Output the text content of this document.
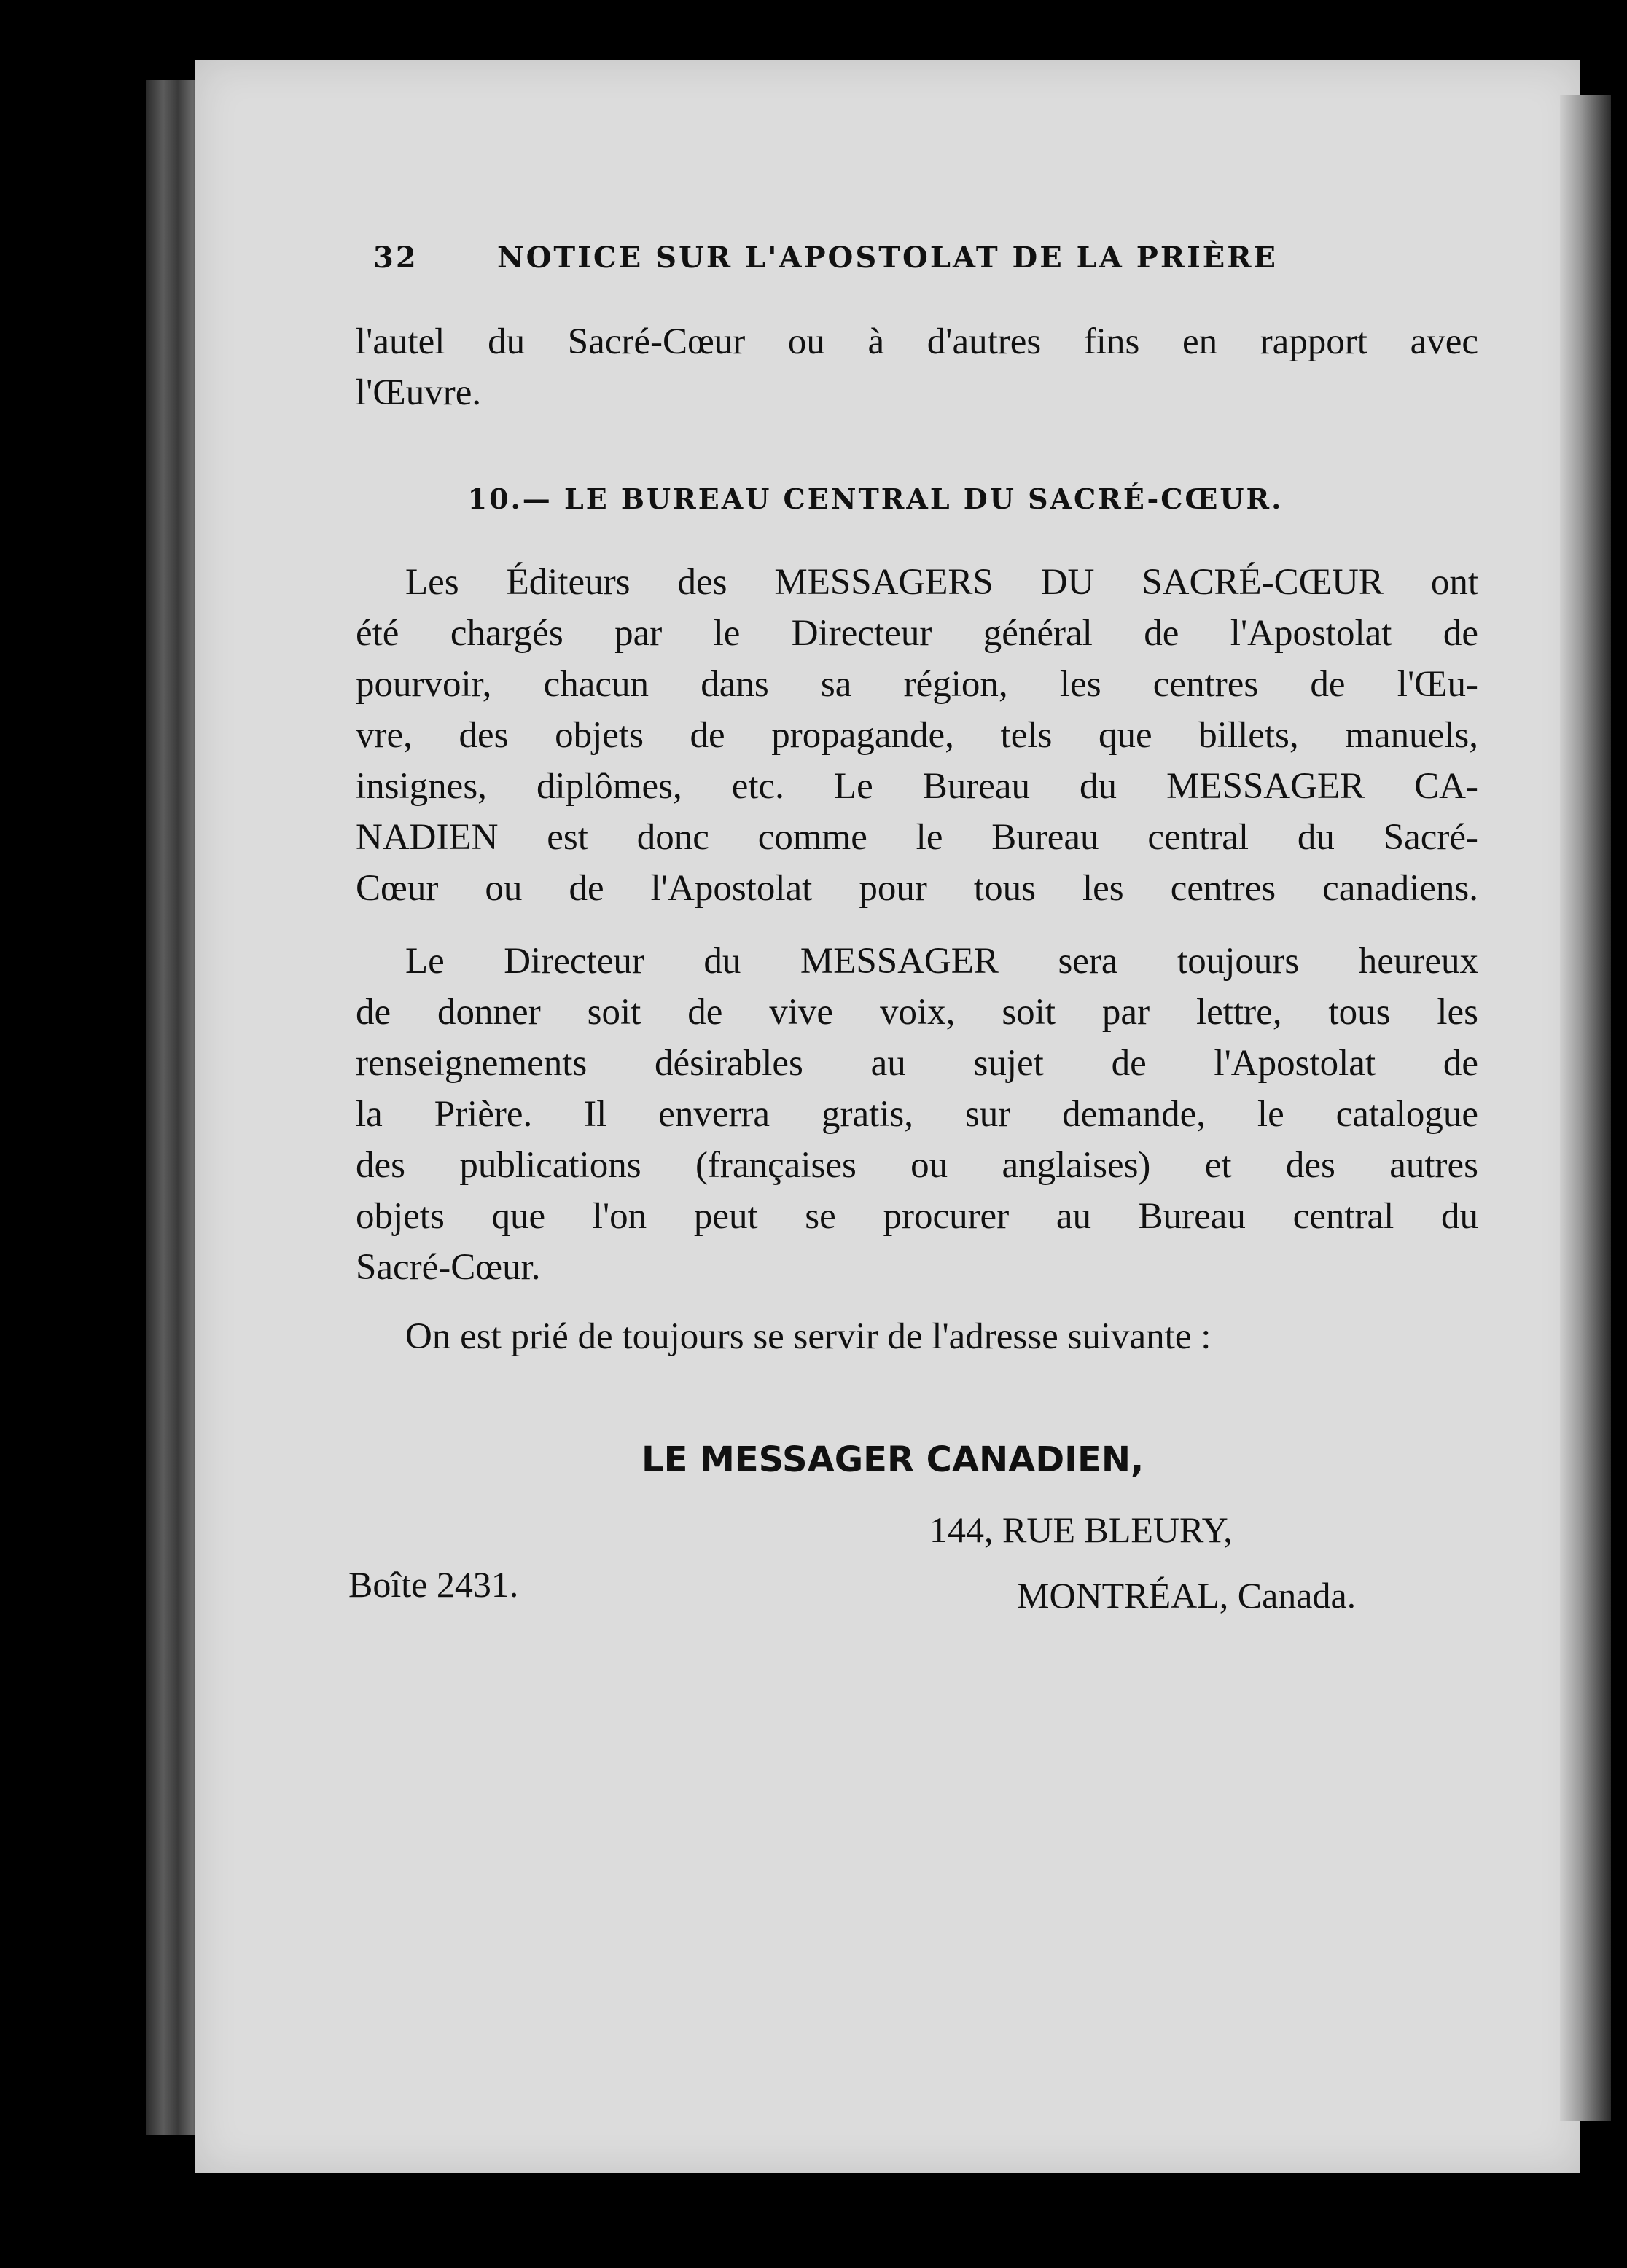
32	NOTICE SUR L'APOSTOLAT DE LA PRIÈRE
l'autel du Sacré-Cœur ou à d'autres fins en rapport avec
l'Œuvre.
10.— LE BUREAU CENTRAL DU SACRÉ-CŒUR.
Les Éditeurs des MESSAGERS DU SACRÉ-CŒUR ont
été chargés par le Directeur général de l'Apostolat de
pourvoir, chacun dans sa région, les centres de l'Œu-
vre, des objets de propagande, tels que billets, manuels,
insignes, diplômes, etc. Le Bureau du MESSAGER CA-
NADIEN est donc comme le Bureau central du Sacré-
Cœur ou de l'Apostolat pour tous les centres canadiens.
Le Directeur du MESSAGER sera toujours heureux
de donner soit de vive voix, soit par lettre, tous les
renseignements désirables au sujet de l'Apostolat de
la Prière. Il enverra gratis, sur demande, le catalogue
des publications (françaises ou anglaises) et des autres
objets que l'on peut se procurer au Bureau central du
Sacré-Cœur.
On est prié de toujours se servir de l'adresse suivante :
LE MESSAGER CANADIEN,
144, RUE BLEURY,
Boîte 2431.	MONTRÉAL, Canada.
